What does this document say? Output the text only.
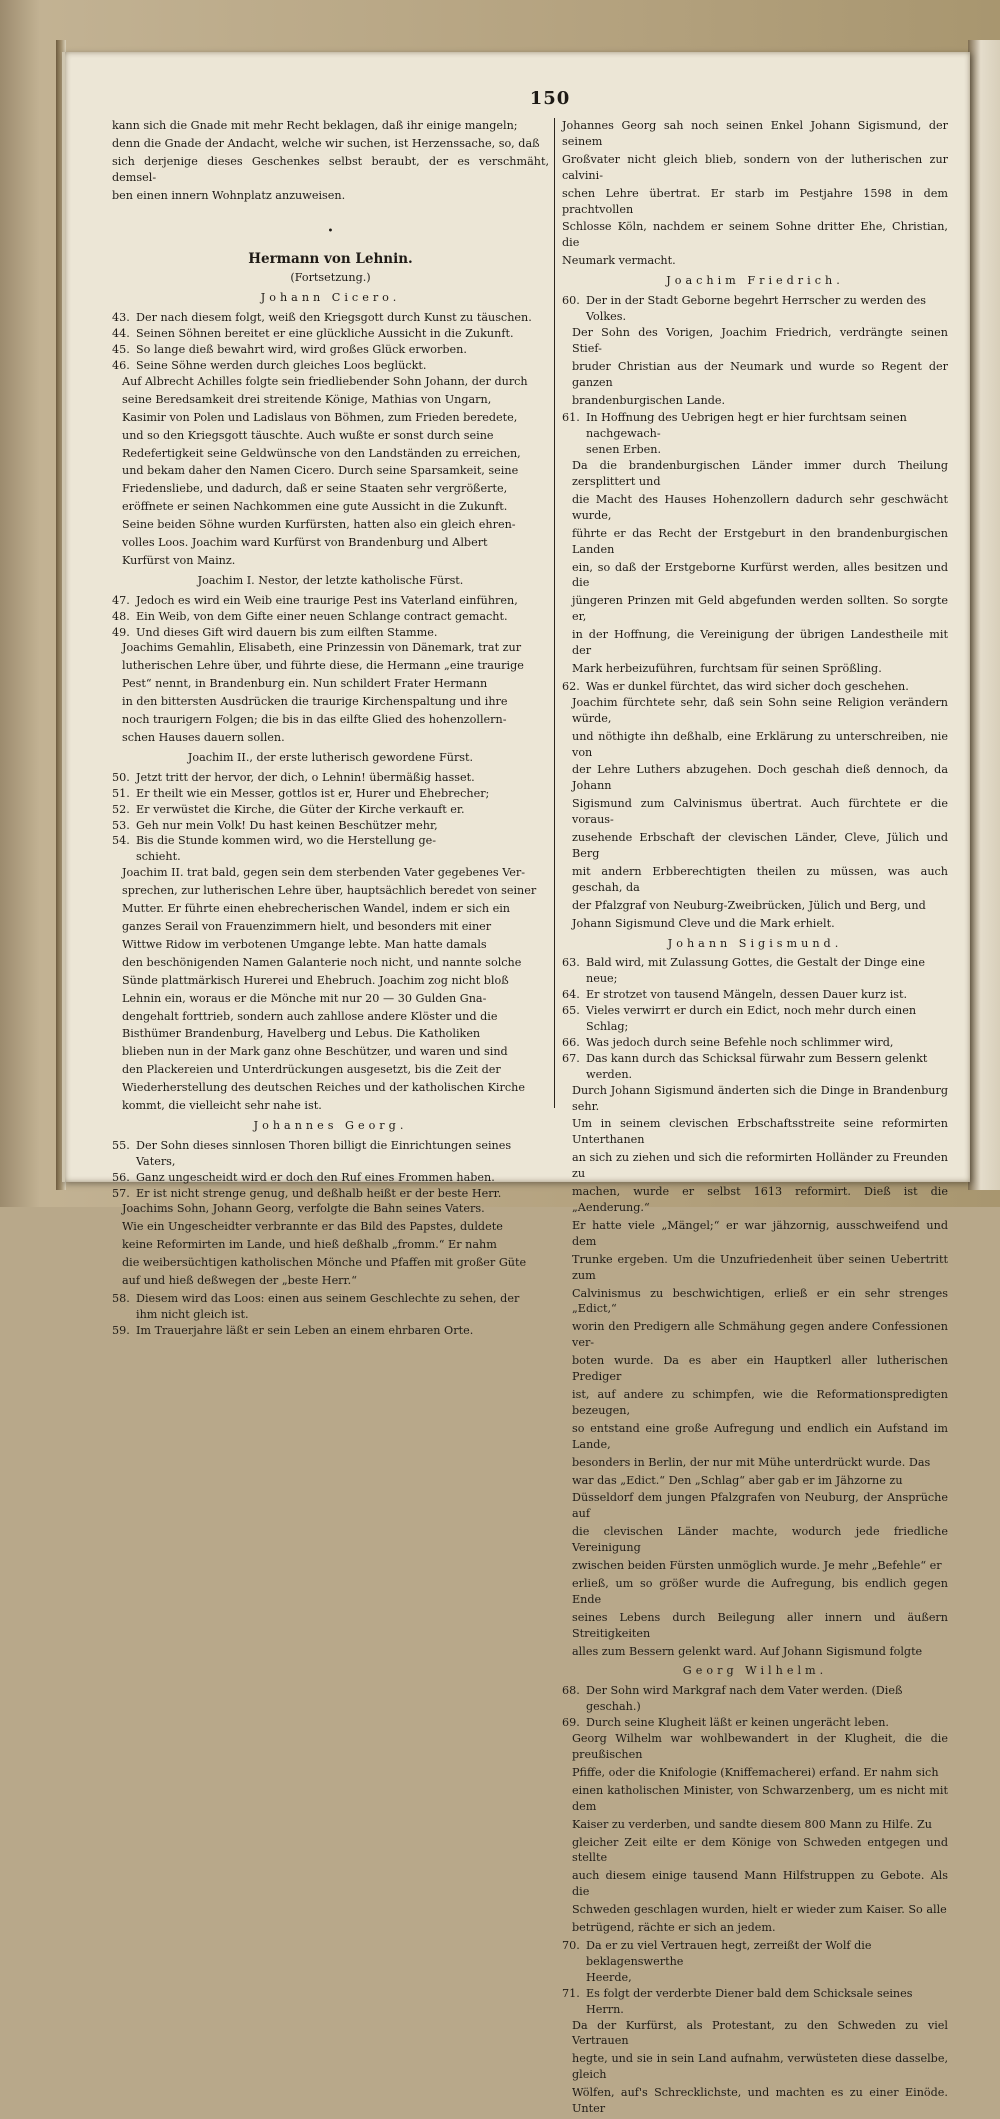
150
kann sich die Gnade mit mehr Recht beklagen, daß ihr einige mangeln;
denn die Gnade der Andacht, welche wir suchen, ist Herzenssache, so, daß
sich derjenige dieses Geschenkes selbst beraubt, der es verschmäht, demsel-
ben einen innern Wohnplatz anzuweisen.
•
Hermann von Lehnin.
(Fortsetzung.)
Johann Cicero.
43. Der nach diesem folgt, weiß den Kriegsgott durch Kunst zu täuschen.
44. Seinen Söhnen bereitet er eine glückliche Aussicht in die Zukunft.
45. So lange dieß bewahrt wird, wird großes Glück erworben.
46. Seine Söhne werden durch gleiches Loos beglückt.
Auf Albrecht Achilles folgte sein friedliebender Sohn Johann, der durch
seine Beredsamkeit drei streitende Könige, Mathias von Ungarn,
Kasimir von Polen und Ladislaus von Böhmen, zum Frieden beredete,
und so den Kriegsgott täuschte. Auch wußte er sonst durch seine
Redefertigkeit seine Geldwünsche von den Landständen zu erreichen,
und bekam daher den Namen Cicero. Durch seine Sparsamkeit, seine
Friedensliebe, und dadurch, daß er seine Staaten sehr vergrößerte,
eröffnete er seinen Nachkommen eine gute Aussicht in die Zukunft.
Seine beiden Söhne wurden Kurfürsten, hatten also ein gleich ehren-
volles Loos. Joachim ward Kurfürst von Brandenburg und Albert
Kurfürst von Mainz.
Joachim I. Nestor, der letzte katholische Fürst.
47. Jedoch es wird ein Weib eine traurige Pest ins Vaterland einführen,
48. Ein Weib, von dem Gifte einer neuen Schlange contract gemacht.
49. Und dieses Gift wird dauern bis zum eilften Stamme.
Joachims Gemahlin, Elisabeth, eine Prinzessin von Dänemark, trat zur
lutherischen Lehre über, und führte diese, die Hermann „eine traurige
Pest“ nennt, in Brandenburg ein. Nun schildert Frater Hermann
in den bittersten Ausdrücken die traurige Kirchenspaltung und ihre
noch traurigern Folgen; die bis in das eilfte Glied des hohenzollern-
schen Hauses dauern sollen.
Joachim II., der erste lutherisch gewordene Fürst.
50. Jetzt tritt der hervor, der dich, o Lehnin! übermäßig hasset.
51. Er theilt wie ein Messer, gottlos ist er, Hurer und Ehebrecher;
52. Er verwüstet die Kirche, die Güter der Kirche verkauft er.
53. Geh nur mein Volk! Du hast keinen Beschützer mehr,
54. Bis die Stunde kommen wird, wo die Herstellung ge-
schieht.
Joachim II. trat bald, gegen sein dem sterbenden Vater gegebenes Ver-
sprechen, zur lutherischen Lehre über, hauptsächlich beredet von seiner
Mutter. Er führte einen ehebrecherischen Wandel, indem er sich ein
ganzes Serail von Frauenzimmern hielt, und besonders mit einer
Wittwe Ridow im verbotenen Umgange lebte. Man hatte damals
den beschönigenden Namen Galanterie noch nicht, und nannte solche
Sünde plattmärkisch Hurerei und Ehebruch. Joachim zog nicht bloß
Lehnin ein, woraus er die Mönche mit nur 20 — 30 Gulden Gna-
dengehalt forttrieb, sondern auch zahllose andere Klöster und die
Bisthümer Brandenburg, Havelberg und Lebus. Die Katholiken
blieben nun in der Mark ganz ohne Beschützer, und waren und sind
den Plackereien und Unterdrückungen ausgesetzt, bis die Zeit der
Wiederherstellung des deutschen Reiches und der katholischen Kirche
kommt, die vielleicht sehr nahe ist.
Johannes Georg.
55. Der Sohn dieses sinnlosen Thoren billigt die Einrichtungen seines
Vaters,
56. Ganz ungescheidt wird er doch den Ruf eines Frommen haben.
57. Er ist nicht strenge genug, und deßhalb heißt er der beste Herr.
Joachims Sohn, Johann Georg, verfolgte die Bahn seines Vaters.
Wie ein Ungescheidter verbrannte er das Bild des Papstes, duldete
keine Reformirten im Lande, und hieß deßhalb „fromm.“ Er nahm
die weibersüchtigen katholischen Mönche und Pfaffen mit großer Güte
auf und hieß deßwegen der „beste Herr.“
58. Diesem wird das Loos: einen aus seinem Geschlechte zu sehen, der
ihm nicht gleich ist.
59. Im Trauerjahre läßt er sein Leben an einem ehrbaren Orte.
Johannes Georg sah noch seinen Enkel Johann Sigismund, der seinem
Großvater nicht gleich blieb, sondern von der lutherischen zur calvini-
schen Lehre übertrat. Er starb im Pestjahre 1598 in dem prachtvollen
Schlosse Köln, nachdem er seinem Sohne dritter Ehe, Christian, die
Neumark vermacht.
Joachim Friedrich.
60. Der in der Stadt Geborne begehrt Herrscher zu werden des Volkes.
Der Sohn des Vorigen, Joachim Friedrich, verdrängte seinen Stief-
bruder Christian aus der Neumark und wurde so Regent der ganzen
brandenburgischen Lande.
61. In Hoffnung des Uebrigen hegt er hier furchtsam seinen nachgewach-
senen Erben.
Da die brandenburgischen Länder immer durch Theilung zersplittert und
die Macht des Hauses Hohenzollern dadurch sehr geschwächt wurde,
führte er das Recht der Erstgeburt in den brandenburgischen Landen
ein, so daß der Erstgeborne Kurfürst werden, alles besitzen und die
jüngeren Prinzen mit Geld abgefunden werden sollten. So sorgte er,
in der Hoffnung, die Vereinigung der übrigen Landestheile mit der
Mark herbeizuführen, furchtsam für seinen Sprößling.
62. Was er dunkel fürchtet, das wird sicher doch geschehen.
Joachim fürchtete sehr, daß sein Sohn seine Religion verändern würde,
und nöthigte ihn deßhalb, eine Erklärung zu unterschreiben, nie von
der Lehre Luthers abzugehen. Doch geschah dieß dennoch, da Johann
Sigismund zum Calvinismus übertrat. Auch fürchtete er die voraus-
zusehende Erbschaft der clevischen Länder, Cleve, Jülich und Berg
mit andern Erbberechtigten theilen zu müssen, was auch geschah, da
der Pfalzgraf von Neuburg-Zweibrücken, Jülich und Berg, und
Johann Sigismund Cleve und die Mark erhielt.
Johann Sigismund.
63. Bald wird, mit Zulassung Gottes, die Gestalt der Dinge eine neue;
64. Er strotzet von tausend Mängeln, dessen Dauer kurz ist.
65. Vieles verwirrt er durch ein Edict, noch mehr durch einen Schlag;
66. Was jedoch durch seine Befehle noch schlimmer wird,
67. Das kann durch das Schicksal fürwahr zum Bessern gelenkt werden.
Durch Johann Sigismund änderten sich die Dinge in Brandenburg sehr.
Um in seinem clevischen Erbschaftsstreite seine reformirten Unterthanen
an sich zu ziehen und sich die reformirten Holländer zu Freunden zu
machen, wurde er selbst 1613 reformirt. Dieß ist die „Aenderung.“
Er hatte viele „Mängel;“ er war jähzornig, ausschweifend und dem
Trunke ergeben. Um die Unzufriedenheit über seinen Uebertritt zum
Calvinismus zu beschwichtigen, erließ er ein sehr strenges „Edict,“
worin den Predigern alle Schmähung gegen andere Confessionen ver-
boten wurde. Da es aber ein Hauptkerl aller lutherischen Prediger
ist, auf andere zu schimpfen, wie die Reformationspredigten bezeugen,
so entstand eine große Aufregung und endlich ein Aufstand im Lande,
besonders in Berlin, der nur mit Mühe unterdrückt wurde. Das
war das „Edict.“ Den „Schlag“ aber gab er im Jähzorne zu
Düsseldorf dem jungen Pfalzgrafen von Neuburg, der Ansprüche auf
die clevischen Länder machte, wodurch jede friedliche Vereinigung
zwischen beiden Fürsten unmöglich wurde. Je mehr „Befehle“ er
erließ, um so größer wurde die Aufregung, bis endlich gegen Ende
seines Lebens durch Beilegung aller innern und äußern Streitigkeiten
alles zum Bessern gelenkt ward. Auf Johann Sigismund folgte
Georg Wilhelm.
68. Der Sohn wird Markgraf nach dem Vater werden. (Dieß geschah.)
69. Durch seine Klugheit läßt er keinen ungerächt leben.
Georg Wilhelm war wohlbewandert in der Klugheit, die die preußischen
Pfiffe, oder die Knifologie (Kniffemacherei) erfand. Er nahm sich
einen katholischen Minister, von Schwarzenberg, um es nicht mit dem
Kaiser zu verderben, und sandte diesem 800 Mann zu Hilfe. Zu
gleicher Zeit eilte er dem Könige von Schweden entgegen und stellte
auch diesem einige tausend Mann Hilfstruppen zu Gebote. Als die
Schweden geschlagen wurden, hielt er wieder zum Kaiser. So alle
betrügend, rächte er sich an jedem.
70. Da er zu viel Vertrauen hegt, zerreißt der Wolf die beklagenswerthe
Heerde,
71. Es folgt der verderbte Diener bald dem Schicksale seines Herrn.
Da der Kurfürst, als Protestant, zu den Schweden zu viel Vertrauen
hegte, und sie in sein Land aufnahm, verwüsteten diese dasselbe, gleich
Wölfen, auf's Schrecklichste, und machten es zu einer Einöde. Unter
